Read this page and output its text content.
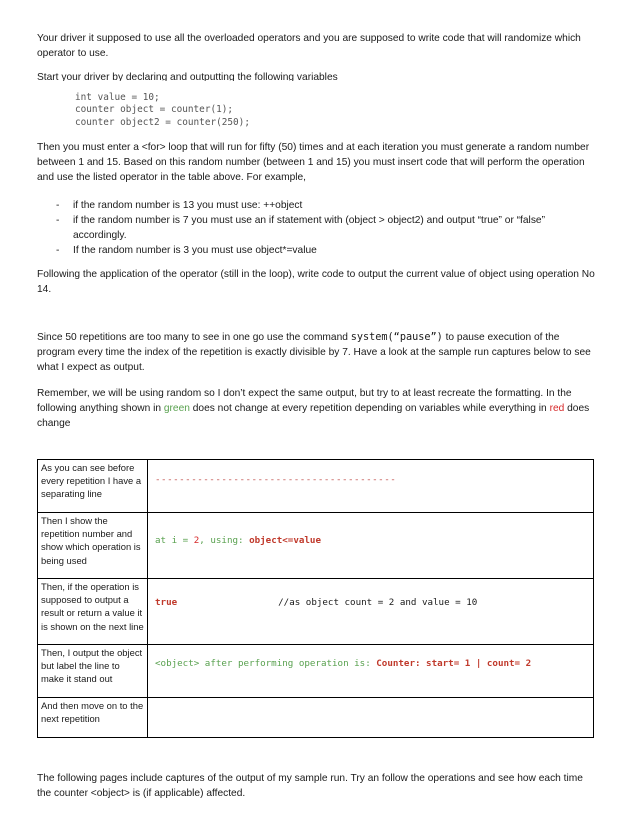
Your driver it supposed to use all the overloaded operators and you are supposed to write code that will randomize which operator to use.

Start your driver by declaring and outputting the following variables

int value = 10;
counter object = counter(1);
counter object2 = counter(250);

Then you must enter a <for> loop that will run for fifty (50) times and at each iteration you must generate a random number between 1 and 15. Based on this random number (between 1 and 15) you must insert code that will perform the operation and use the listed operator in the table above. For example,

- if the random number is 13 you must use: ++object
- if the random number is 7 you must use an if statement with (object > object2) and output “true” or “false” accordingly.
- If the random number is 3 you must use object*=value

Following the application of the operator (still in the loop), write code to output the current value of object using operation No 14.

Since 50 repetitions are too many to see in one go use the command system(“pause”) to pause execution of the program every time the index of the repetition is exactly divisible by 7. Have a look at the sample run captures below to see what I expect as output.

Remember, we will be using random so I don’t expect the same output, but try to at least recreate the formatting. In the following anything shown in green does not change at every repetition depending on variables while everything in red does change

As you can see before every repetition I have a separating line	----------------------------------------
Then I show the repetition number and show which operation is being used	at i = 2, using: object<=value

Then, if the operation is supposed to output a result or return a value it is shown on the next line	true //as object count = 2 and value = 10

Then, I output the object but label the line to make it stand out	<object> after performing operation is: Counter: start= 1 | count= 2

And then move on to the next repetition	

The following pages include captures of the output of my sample run. Try an follow the operations and see how each time the counter <object> is (if applicable) affected.
